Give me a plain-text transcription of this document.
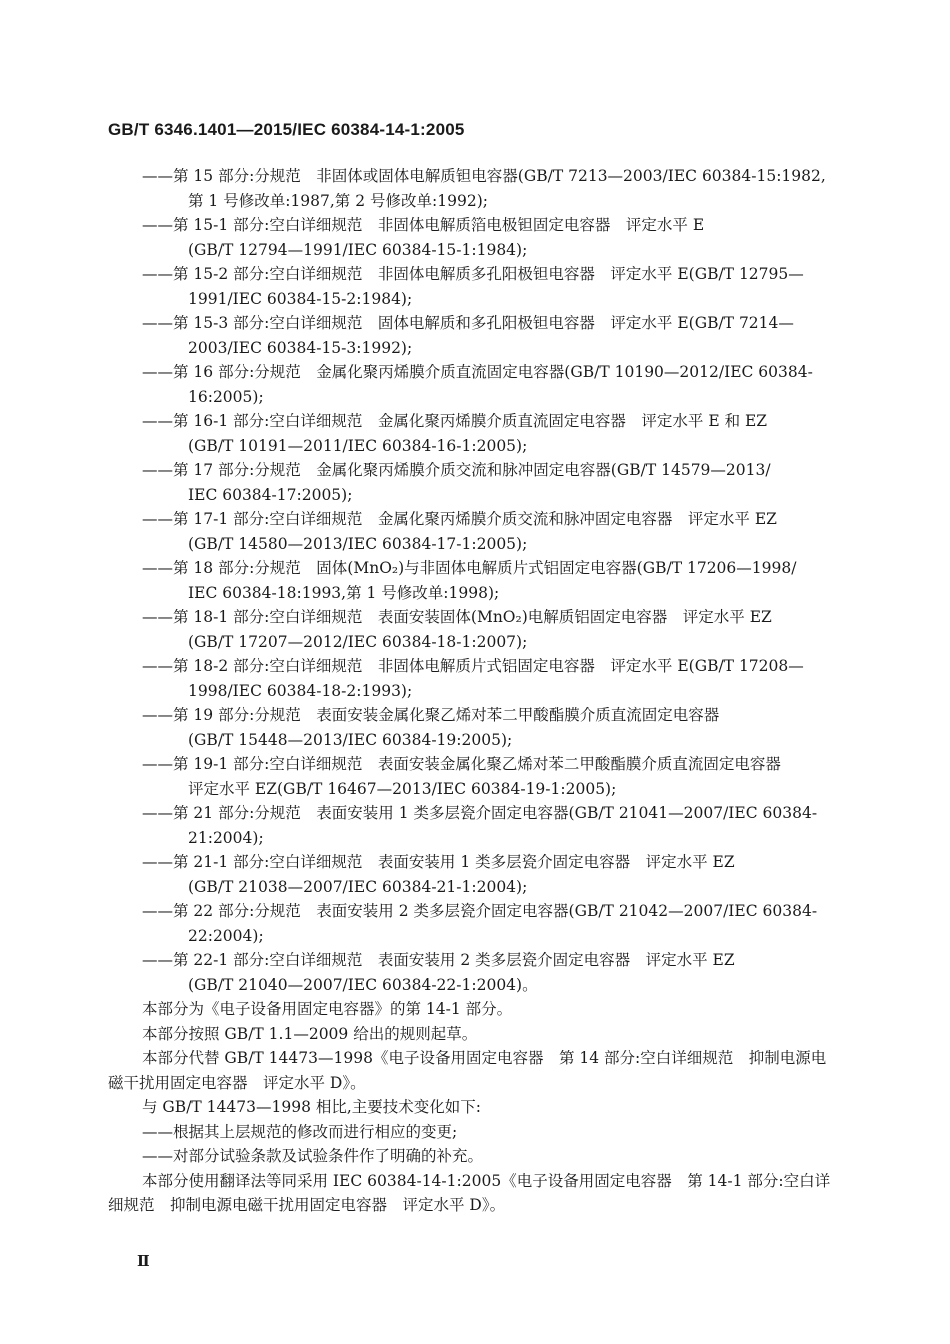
GB/T 6346.1401—2015/IEC 60384-14-1:2005
——第 15 部分:分规范　非固体或固体电解质钽电容器(GB/T 7213—2003/IEC 60384-15:1982,
第 1 号修改单:1987,第 2 号修改单:1992);
——第 15-1 部分:空白详细规范　非固体电解质箔电极钽固定电容器　评定水平 E
(GB/T 12794—1991/IEC 60384-15-1:1984);
——第 15-2 部分:空白详细规范　非固体电解质多孔阳极钽电容器　评定水平 E(GB/T 12795—
1991/IEC 60384-15-2:1984);
——第 15-3 部分:空白详细规范　固体电解质和多孔阳极钽电容器　评定水平 E(GB/T 7214—
2003/IEC 60384-15-3:1992);
——第 16 部分:分规范　金属化聚丙烯膜介质直流固定电容器(GB/T 10190—2012/IEC 60384-
16:2005);
——第 16-1 部分:空白详细规范　金属化聚丙烯膜介质直流固定电容器　评定水平 E 和 EZ
(GB/T 10191—2011/IEC 60384-16-1:2005);
——第 17 部分:分规范　金属化聚丙烯膜介质交流和脉冲固定电容器(GB/T 14579—2013/
IEC 60384-17:2005);
——第 17-1 部分:空白详细规范　金属化聚丙烯膜介质交流和脉冲固定电容器　评定水平 EZ
(GB/T 14580—2013/IEC 60384-17-1:2005);
——第 18 部分:分规范　固体(MnO₂)与非固体电解质片式铝固定电容器(GB/T 17206—1998/
IEC 60384-18:1993,第 1 号修改单:1998);
——第 18-1 部分:空白详细规范　表面安装固体(MnO₂)电解质铝固定电容器　评定水平 EZ
(GB/T 17207—2012/IEC 60384-18-1:2007);
——第 18-2 部分:空白详细规范　非固体电解质片式铝固定电容器　评定水平 E(GB/T 17208—
1998/IEC 60384-18-2:1993);
——第 19 部分:分规范　表面安装金属化聚乙烯对苯二甲酸酯膜介质直流固定电容器
(GB/T 15448—2013/IEC 60384-19:2005);
——第 19-1 部分:空白详细规范　表面安装金属化聚乙烯对苯二甲酸酯膜介质直流固定电容器
评定水平 EZ(GB/T 16467—2013/IEC 60384-19-1:2005);
——第 21 部分:分规范　表面安装用 1 类多层瓷介固定电容器(GB/T 21041—2007/IEC 60384-
21:2004);
——第 21-1 部分:空白详细规范　表面安装用 1 类多层瓷介固定电容器　评定水平 EZ
(GB/T 21038—2007/IEC 60384-21-1:2004);
——第 22 部分:分规范　表面安装用 2 类多层瓷介固定电容器(GB/T 21042—2007/IEC 60384-
22:2004);
——第 22-1 部分:空白详细规范　表面安装用 2 类多层瓷介固定电容器　评定水平 EZ
(GB/T 21040—2007/IEC 60384-22-1:2004)。
本部分为《电子设备用固定电容器》的第 14-1 部分。
本部分按照 GB/T 1.1—2009 给出的规则起草。
本部分代替 GB/T 14473—1998《电子设备用固定电容器　第 14 部分:空白详细规范　抑制电源电
磁干扰用固定电容器　评定水平 D》。
与 GB/T 14473—1998 相比,主要技术变化如下:
——根据其上层规范的修改而进行相应的变更;
——对部分试验条款及试验条件作了明确的补充。
本部分使用翻译法等同采用 IEC 60384-14-1:2005《电子设备用固定电容器　第 14-1 部分:空白详
细规范　抑制电源电磁干扰用固定电容器　评定水平 D》。
Ⅱ
